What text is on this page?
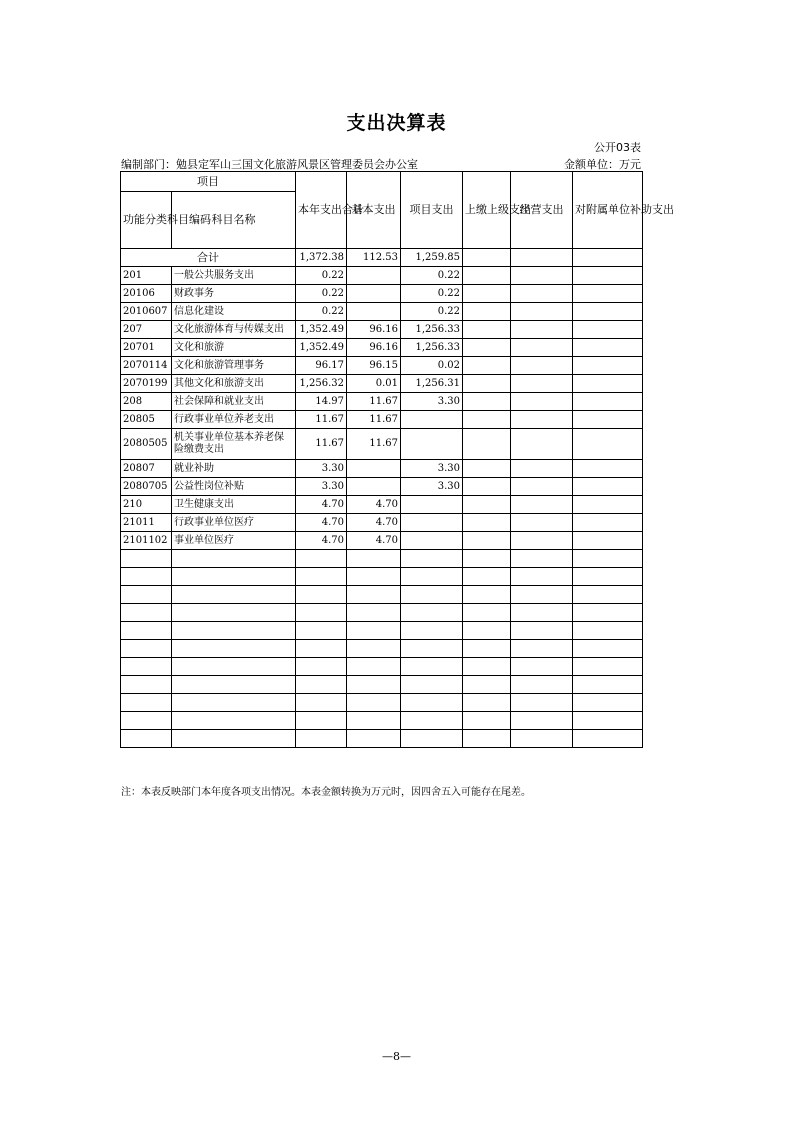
支出决算表
公开03表
编制部门：勉县定军山三国文化旅游风景区管理委员会办公室	金额单位：万元
项目		本年支出合计	基本支出	项目支出	上缴上级支出	经营支出	对附属单位补助支出
功能分类科目编码	科目名称						

合计		1,372.38	112.53	1,259.85			
201	一般公共服务支出	0.22		0.22			
20106	财政事务	0.22		0.22			
2010607	信息化建设	0.22		0.22			
207	文化旅游体育与传媒支出	1,352.49	96.16	1,256.33			
20701	文化和旅游	1,352.49	96.16	1,256.33			
2070114	文化和旅游管理事务	96.17	96.15	0.02			
2070199	其他文化和旅游支出	1,256.32	0.01	1,256.31			
208	社会保障和就业支出	14.97	11.67	3.30			
20805	行政事业单位养老支出	11.67	11.67				
2080505	机关事业单位基本养老保险缴费支出	11.67	11.67				
20807	就业补助	3.30		3.30			
2080705	公益性岗位补贴	3.30		3.30			
210	卫生健康支出	4.70	4.70				
21011	行政事业单位医疗	4.70	4.70				
2101102	事业单位医疗	4.70	4.70				

注：本表反映部门本年度各项支出情况。本表金额转换为万元时，因四舍五入可能存在尾差。
—8—
